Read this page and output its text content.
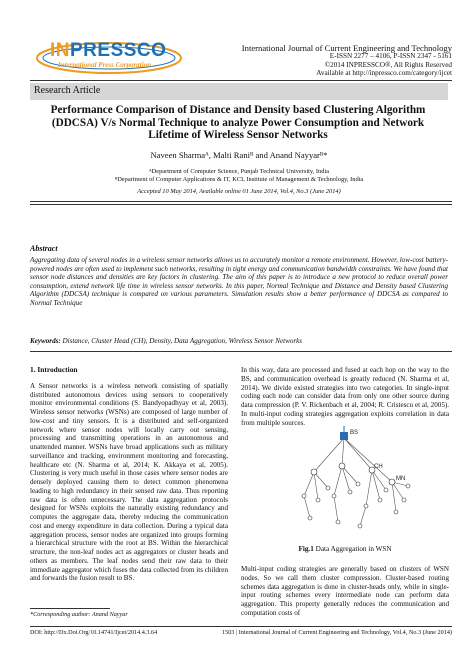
INPRESSCO
International Press Corporation
International Journal of Current Engineering and Technology
E-ISSN 2277 – 4106, P-ISSN 2347 - 5161
©2014 INPRESSCO®, All Rights Reserved
Available at http://inpressco.com/category/ijcet
Research Article
Performance Comparison of Distance and Density based Clustering Algorithm (DDCSA) V/s Normal Technique to analyze Power Consumption and Network Lifetime of Wireless Sensor Networks
Naveen Sharmaᴬ, Malti Raniᴮ and Anand Nayyarᴮ*
ᴬDepartment of Computer Science, Punjab Technical University, India
ᴮDepartment of Computer Applications & IT, KCL Institute of Management & Technology, India
Accepted 10 May 2014, Available online 01 June 2014, Vol.4, No.3 (June 2014)
Abstract
Aggregating data of several nodes in a wireless sensor networks allows us to accurately monitor a remote environment. However, low-cost battery-powered nodes are often used to implement such networks, resulting in tight energy and communication bandwidth constraints. We have found that sensor node distances and densities are key factors in clustering. The aim of this paper is to introduce a new protocol to reduce overall power consumption, extend network life time in wireless sensor networks. In this paper, Normal Technique and Distance and Density based Clustering Algorithm (DDCSA) technique is compared on various parameters. Simulation results show a better performance of DDCSA as compared to Normal Technique
Keywords: Distance, Cluster Head (CH), Density, Data Aggregation, Wireless Sensor Networks
1. Introduction
A Sensor networks is a wireless network consisting of spatially distributed autonomous devices using sensors to cooperatively monitor environmental conditions (S. Bandyopadhyay et al, 2003). Wireless sensor networks (WSNs) are composed of large number of low-cost and tiny sensors. It is a distributed and self-organized network where sensor nodes will locally carry out sensing, processing and transmitting operations in an autonomous and unattended manner. WSNs have broad applications such as military surveillance and tracking, environment monitoring and forecasting, healthcare etc (N. Sharma et al, 2014; K. Akkaya et al, 2005). Clustering is very much useful in those cases where sensor nodes are densely deployed causing them to detect common phenomena leading to high redundancy in their sensed raw data. Thus reporting raw data is often unnecessary. The data aggregation protocols designed for WSNs exploits the naturally existing redundancy and computes the aggregate data, thereby reducing the communication cost and energy expenditure in data collection. During a typical data aggregation process, sensor nodes are organized into groups forming a hierarchical structure with the root at BS. Within the hierarchical structure, the non-leaf nodes act as aggregators or cluster heads and others as members. The leaf nodes send their raw data to their immediate aggregator which fuses the data collected from its children and forwards the fusion result to BS.
In this way, data are processed and fused at each hop on the way to the BS, and communication overhead is greatly reduced (N. Sharma et al, 2014). We divide existed strategies into two categories. In single-input coding each node can consider data from only one other source during data compression (P. V. Rickenbach et al, 2004; R. Cristescu et al, 2005). In multi-input coding strategies aggregation exploits correlation in data from multiple sources.
BS
CH
MN
Fig.1 Data Aggregation in WSN
Multi-input coding strategies are generally based on clusters of WSN nodes. So we call them cluster compression. Cluster-based routing schemes data aggregation is done in cluster-heads only, while in single-input routing schemes every intermediate node can perform data aggregation. This property generally reduces the communication and computation costs of
*Corresponding author: Anand Nayyar
DOI: http://Dx.Doi.Org/10.14741/Ijcet/2014.4.3.64	1503 | International Journal of Current Engineering and Technology, Vol.4, No.3 (June 2014)
